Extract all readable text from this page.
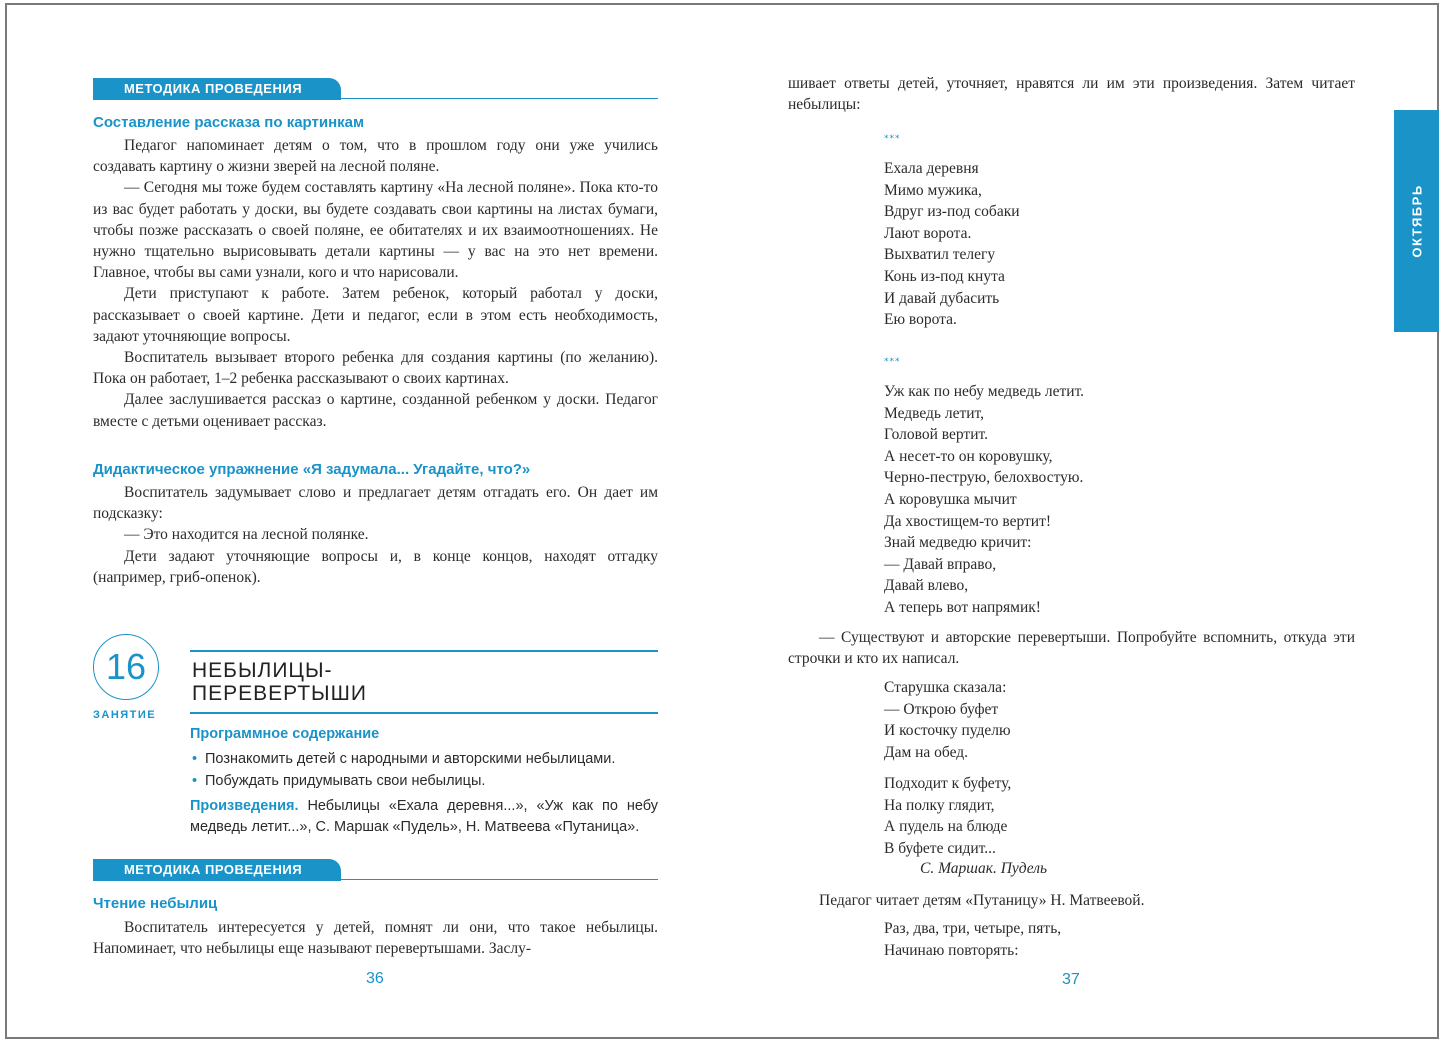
МЕТОДИКА ПРОВЕДЕНИЯ
Составление рассказа по картинкам

Педагог напоминает детям о том, что в прошлом году они уже учились создавать картину о жизни зверей на лесной поляне.

— Сегодня мы тоже будем составлять картину «На лесной поляне». Пока кто-то из вас будет работать у доски, вы будете создавать свои картины на листах бумаги, чтобы позже рассказать о своей поляне, ее обитателях и их взаимоотношениях. Не нужно тщательно вырисовывать детали картины — у вас на это нет времени. Главное, чтобы вы сами узнали, кого и что нарисовали.

Дети приступают к работе. Затем ребенок, который работал у доски, рассказывает о своей картине. Дети и педагог, если в этом есть необходимость, задают уточняющие вопросы.

Воспитатель вызывает второго ребенка для создания картины (по желанию). Пока он работает, 1–2 ребенка рассказывают о своих картинах.

Далее заслушивается рассказ о картине, созданной ребенком у доски. Педагог вместе с детьми оценивает рассказ.

Дидактическое упражнение «Я задумала... Угадайте, что?»

Воспитатель задумывает слово и предлагает детям отгадать его. Он дает им подсказку:

— Это находится на лесной полянке.

Дети задают уточняющие вопросы и, в конце концов, находят отгадку (например, гриб-опенок).

16
ЗАНЯТИЕ
НЕБЫЛИЦЫ-
ПЕРЕВЕРТЫШИ
Программное содержание
• Познакомить детей с народными и авторскими небылицами.
• Побуждать придумывать свои небылицы.
Произведения. Небылицы «Ехала деревня...», «Уж как по небу медведь летит...», С. Маршак «Пудель», Н. Матвеева «Путаница».
МЕТОДИКА ПРОВЕДЕНИЯ
Чтение небылиц

Воспитатель интересуется у детей, помнят ли они, что такое небылицы. Напоминает, что небылицы еще называют перевертышами. Заслу-

36

шивает ответы детей, уточняет, нравятся ли им эти произведения. Затем читает небылицы:

***
Ехала деревня
Мимо мужика,
Вдруг из-под собаки
Лают ворота.
Выхватил телегу
Конь из-под кнута
И давай дубасить
Ею ворота.
***
Уж как по небу медведь летит.
Медведь летит,
Головой вертит.
А несет-то он коровушку,
Черно-пеструю, белохвостую.
А коровушка мычит
Да хвостищем-то вертит!
Знай медведю кричит:
— Давай вправо,
Давай влево,
А теперь вот напрямик!

— Существуют и авторские перевертыши. Попробуйте вспомнить, откуда эти строчки и кто их написал.

Старушка сказала:
— Открою буфет
И косточку пуделю
Дам на обед.
Подходит к буфету,
На полку глядит,
А пудель на блюде
В буфете сидит...
С. Маршак. Пудель

Педагог читает детям «Путаницу» Н. Матвеевой.

Раз, два, три, четыре, пять,
Начинаю повторять:
37
ОКТЯБРЬ
